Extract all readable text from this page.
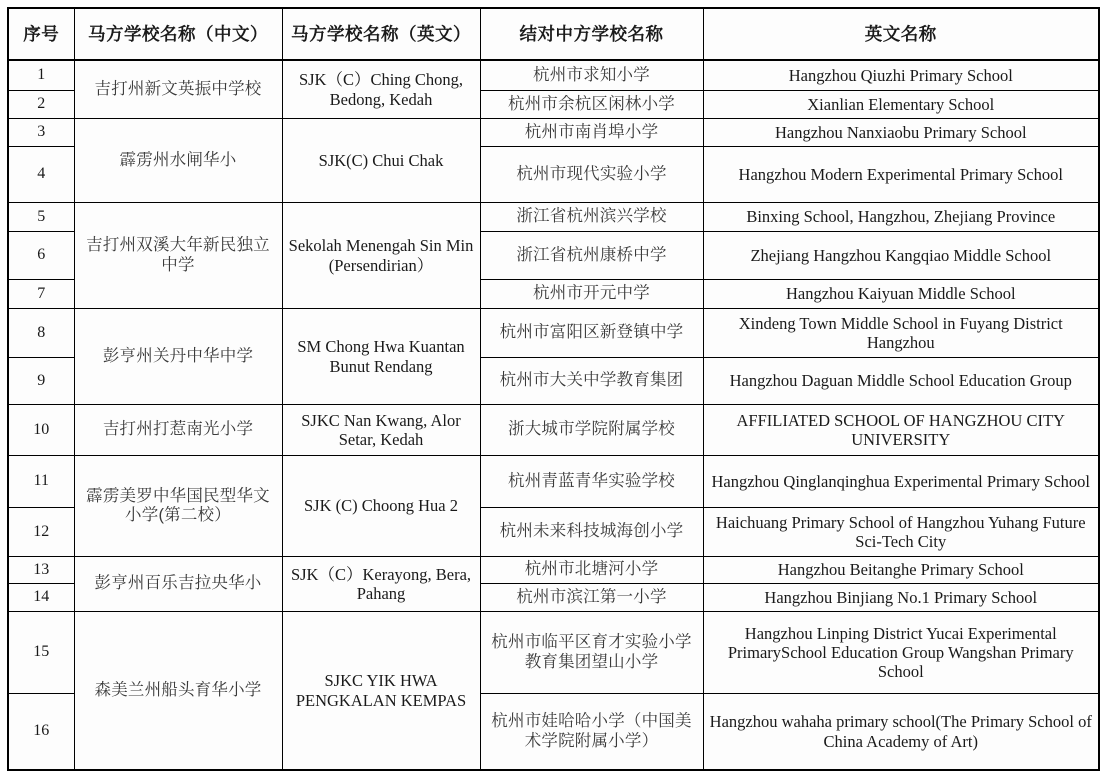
序号	马方学校名称（中文）	马方学校名称（英文）	结对中方学校名称	英文名称
1	吉打州新文英振中学校	SJK（C）Ching Chong, Bedong, Kedah	杭州市求知小学	Hangzhou Qiuzhi Primary School
2			杭州市余杭区闲林小学	Xianlian Elementary School
3	霹雳州水闸华小	SJK(C) Chui Chak	杭州市南肖埠小学	Hangzhou Nanxiaobu Primary School
4			杭州市现代实验小学	Hangzhou Modern Experimental Primary School
5	吉打州双溪大年新民独立中学	Sekolah Menengah Sin Min (Persendirian）	浙江省杭州滨兴学校	Binxing School, Hangzhou, Zhejiang Province
6			浙江省杭州康桥中学	Zhejiang Hangzhou Kangqiao Middle School
7			杭州市开元中学	Hangzhou Kaiyuan Middle School
8	彭亨州关丹中华中学	SM Chong Hwa Kuantan Bunut Rendang	杭州市富阳区新登镇中学	Xindeng Town Middle School in Fuyang District Hangzhou
9			杭州市大关中学教育集团	Hangzhou Daguan Middle School Education Group
10	吉打州打惹南光小学	SJKC Nan Kwang, Alor Setar, Kedah	浙大城市学院附属学校	AFFILIATED SCHOOL OF HANGZHOU CITY UNIVERSITY
11	霹雳美罗中华国民型华文小学(第二校）	SJK (C) Choong Hua 2	杭州青蓝青华实验学校	Hangzhou Qinglanqinghua Experimental Primary School
12			杭州未来科技城海创小学	Haichuang Primary School of Hangzhou Yuhang Future Sci-Tech City
13	彭亨州百乐吉拉央华小	SJK（C）Kerayong, Bera, Pahang	杭州市北塘河小学	Hangzhou Beitanghe Primary School
14			杭州市滨江第一小学	Hangzhou Binjiang No.1 Primary School
15	森美兰州船头育华小学	SJKC YIK HWA PENGKALAN KEMPAS	杭州市临平区育才实验小学教育集团望山小学	Hangzhou Linping District Yucai Experimental PrimarySchool Education Group Wangshan Primary School
16			杭州市娃哈哈小学（中国美术学院附属小学）	Hangzhou wahaha primary school(The Primary School of China Academy of Art)
